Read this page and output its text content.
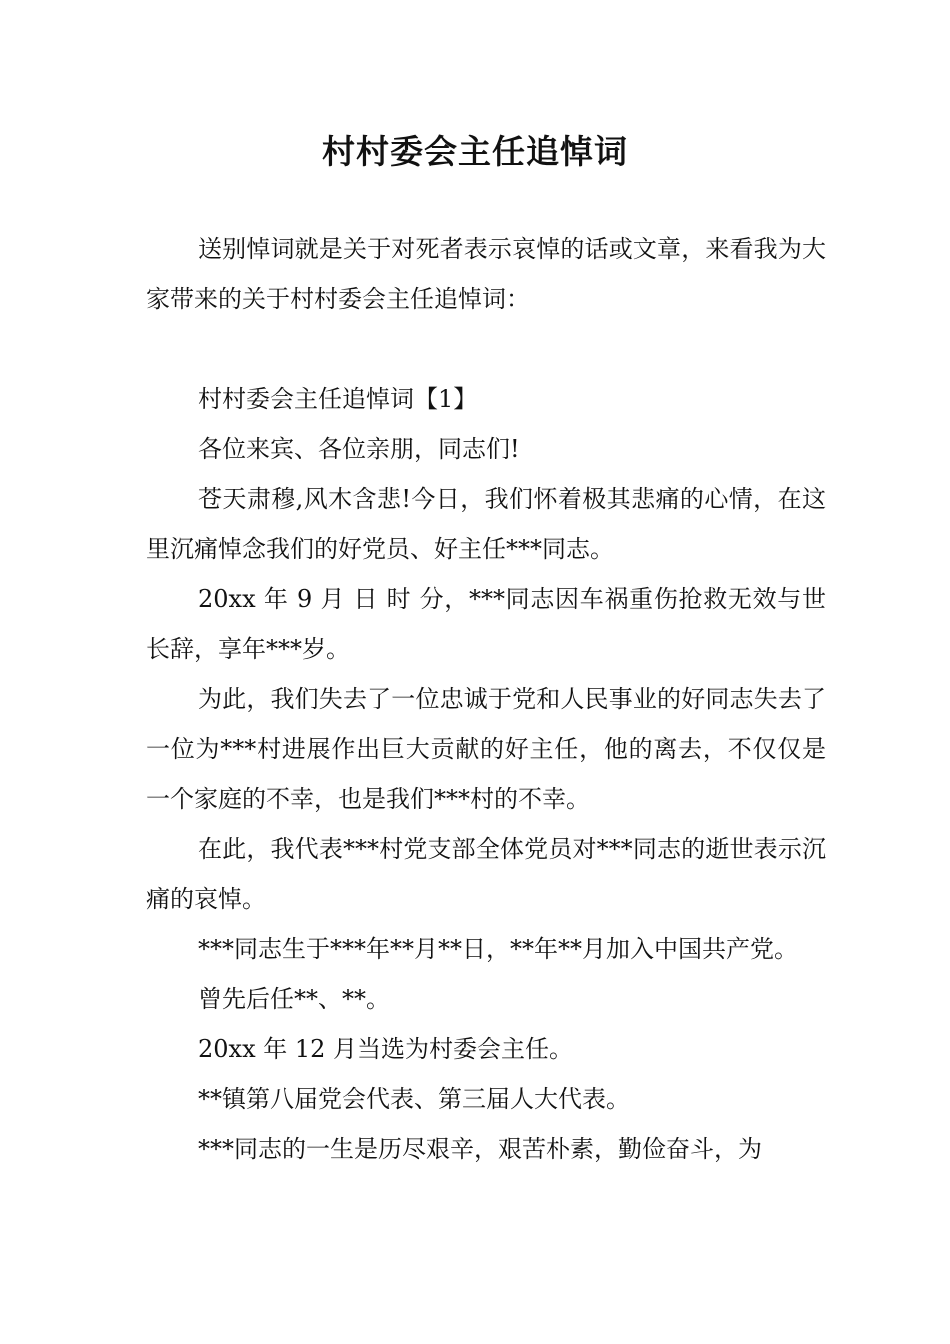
村村委会主任追悼词

送别悼词就是关于对死者表示哀悼的话或文章，来看我为大家带来的关于村村委会主任追悼词：

村村委会主任追悼词【1】

各位来宾、各位亲朋，同志们!

苍天肃穆,风木含悲!今日，我们怀着极其悲痛的心情，在这里沉痛悼念我们的好党员、好主任***同志。

20xx 年 9 月 日 时 分，***同志因车祸重伤抢救无效与世长辞，享年***岁。

为此，我们失去了一位忠诚于党和人民事业的好同志失去了一位为***村进展作出巨大贡献的好主任，他的离去，不仅仅是一个家庭的不幸，也是我们***村的不幸。

在此，我代表***村党支部全体党员对***同志的逝世表示沉痛的哀悼。

***同志生于***年**月**日，**年**月加入中国共产党。

曾先后任**、**。

20xx 年 12 月当选为村委会主任。

**镇第八届党会代表、第三届人大代表。

***同志的一生是历尽艰辛，艰苦朴素，勤俭奋斗，为
